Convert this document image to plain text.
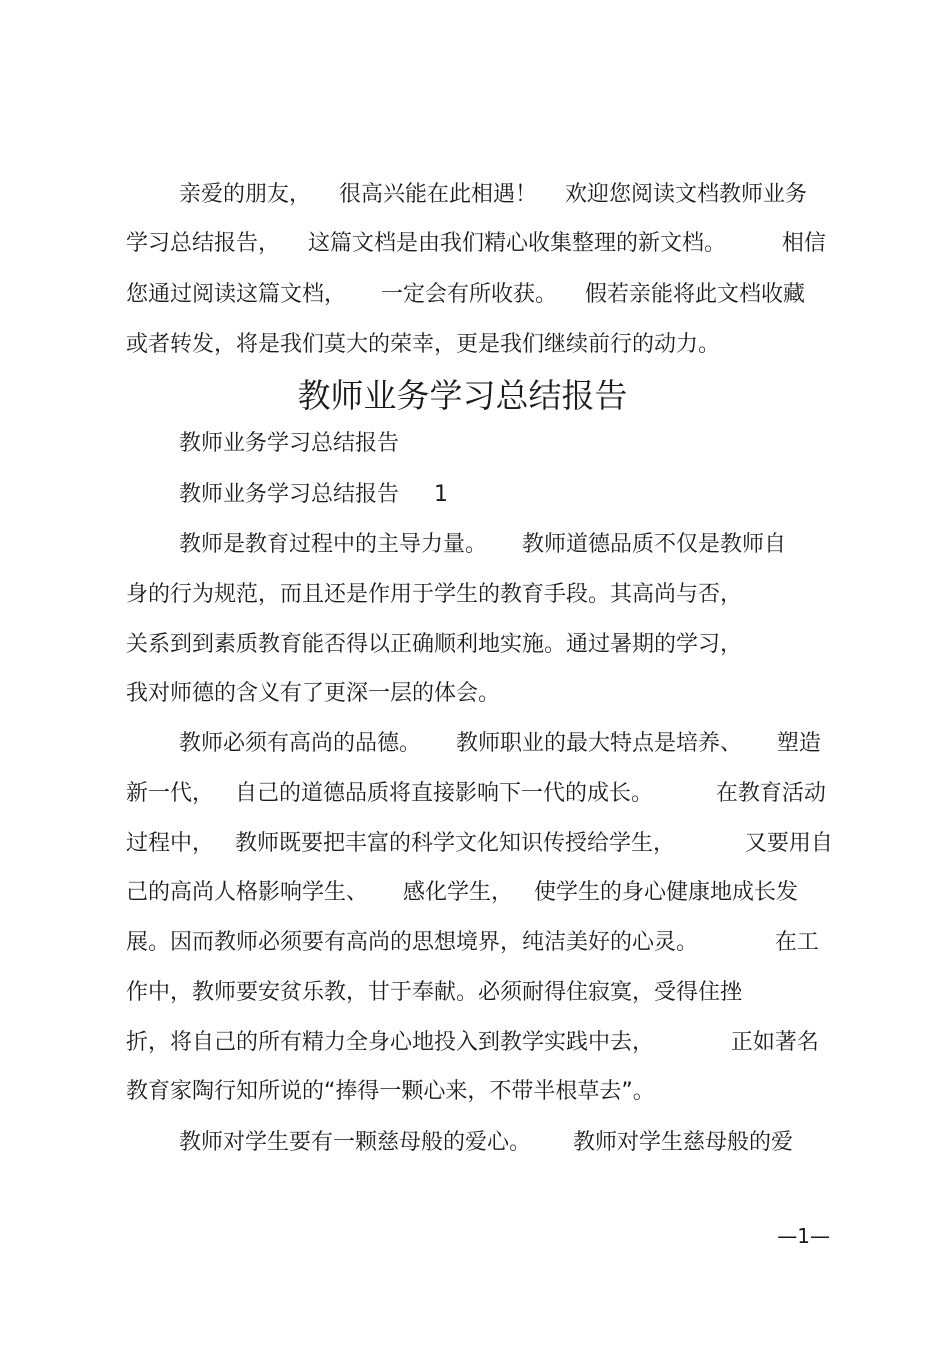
亲爱的朋友，    很高兴能在此相遇！    欢迎您阅读文档教师业务
学习总结报告，    这篇文档是由我们精心收集整理的新文档。        相信
您通过阅读这篇文档，     一定会有所收获。    假若亲能将此文档收藏
或者转发，将是我们莫大的荣幸，更是我们继续前行的动力。
教师业务学习总结报告
教师业务学习总结报告
教师业务学习总结报告     1
教师是教育过程中的主导力量。     教师道德品质不仅是教师自
身的行为规范，而且还是作用于学生的教育手段。其高尚与否，
关系到到素质教育能否得以正确顺利地实施。通过暑期的学习，
我对师德的含义有了更深一层的体会。
教师必须有高尚的品德。     教师职业的最大特点是培养、     塑造
新一代，   自己的道德品质将直接影响下一代的成长。         在教育活动
过程中，   教师既要把丰富的科学文化知识传授给学生，          又要用自
己的高尚人格影响学生、     感化学生，   使学生的身心健康地成长发
展。因而教师必须要有高尚的思想境界，纯洁美好的心灵。           在工
作中，教师要安贫乐教，甘于奉献。必须耐得住寂寞，受得住挫
折，将自己的所有精力全身心地投入到教学实践中去，           正如著名
教育家陶行知所说的“捧得一颗心来，不带半根草去”。
教师对学生要有一颗慈母般的爱心。      教师对学生慈母般的爱
—1—
